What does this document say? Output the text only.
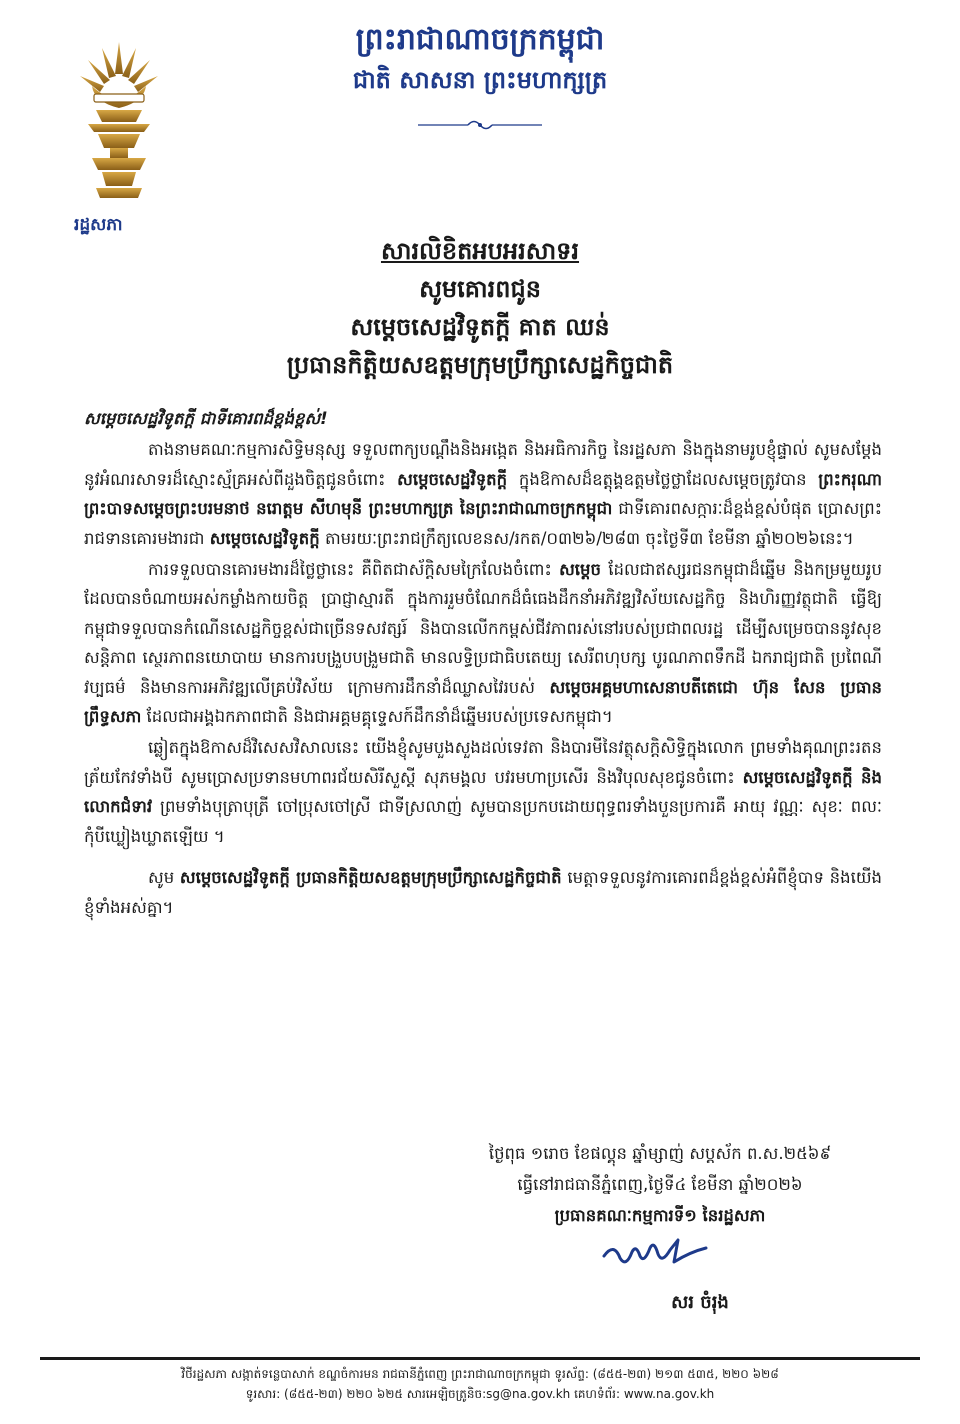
រដ្ឋសភា
ព្រះរាជាណាចក្រកម្ពុជា
ជាតិ សាសនា ព្រះមហាក្សត្រ
សារលិខិតអបអរសាទរ
សូមគោរពជូន
សម្តេចសេដ្ឋវិទូតក្តី គាត ឈន់
ប្រធានកិត្តិយសឧត្តមក្រុមប្រឹក្សាសេដ្ឋកិច្ចជាតិ
សម្តេចសេដ្ឋវិទូតក្តី ជាទីគោរពដ៏ខ្ពង់ខ្ពស់!

តាងនាមគណៈកម្មការសិទ្ធិមនុស្ស ទទួលពាក្យបណ្តឹងនិងអង្កេត និងអធិការកិច្ច នៃរដ្ឋសភា និងក្នុងនាមរូបខ្ញុំផ្ទាល់ សូមសម្តែងនូវអំណរសាទរដ៏ស្មោះស្ម័គ្រអស់ពីដួងចិត្តជូនចំពោះ សម្តេចសេដ្ឋវិទូតក្តី ក្នុងឱកាសដ៏ឧត្តុង្គឧត្តមថ្លៃថ្លាដែលសម្តេចត្រូវបាន ព្រះករុណាព្រះបាទសម្តេចព្រះបរមនាថ នរោត្តម សីហមុនី ព្រះមហាក្សត្រ នៃព្រះរាជាណាចក្រកម្ពុជា ជាទីគោរពសក្ការៈដ៏ខ្ពង់ខ្ពស់បំផុត ប្រោសព្រះរាជទានគោរមងារជា សម្តេចសេដ្ឋវិទូតក្តី តាមរយៈព្រះរាជក្រឹត្យលេខនស/រកត/០៣២៦/២៨៣ ចុះថ្ងៃទី៣ ខែមីនា ឆ្នាំ២០២៦នេះ។

ការទទួលបានគោរមងារដ៏ថ្លៃថ្លានេះ គឺពិតជាស័ក្តិសមក្រៃលែងចំពោះ សម្តេច ដែលជាឥស្សរជនកម្ពុជាដ៏ឆ្នើម និងកម្រមួយរូបដែលបានចំណាយអស់កម្លាំងកាយចិត្ត ប្រាជ្ញាស្មារតី ក្នុងការរួមចំណែកដ៏ធំធេងដឹកនាំអភិវឌ្ឍវិស័យសេដ្ឋកិច្ច និងហិរញ្ញវត្ថុជាតិ ធ្វើឱ្យកម្ពុជាទទួលបានកំណើនសេដ្ឋកិច្ចខ្ពស់ជាច្រើនទសវត្សរ៍ និងបានលើកកម្ពស់ជីវភាពរស់នៅរបស់ប្រជាពលរដ្ឋ ដើម្បីសម្រេចបាននូវសុខសន្តិភាព ស្ថេរភាពនយោបាយ មានការបង្រួបបង្រួមជាតិ មានលទ្ធិប្រជាធិបតេយ្យ សេរីពហុបក្ស បូរណភាពទឹកដី ឯករាជ្យជាតិ ប្រពៃណីវប្បធម៌ និងមានការអភិវឌ្ឍលើគ្រប់វិស័យ ក្រោមការដឹកនាំដ៏ឈ្លាសវៃរបស់ សម្តេចអគ្គមហាសេនាបតីតេជោ ហ៊ុន សែន ប្រធានព្រឹទ្ធសភា ដែលជាអង្គឯកភាពជាតិ និងជាអគ្គមគ្គុទ្ទេសក៍ដឹកនាំដ៏ឆ្នើមរបស់ប្រទេសកម្ពុជា។

ឆ្លៀតក្នុងឱកាសដ៏វិសេសវិសាលនេះ យើងខ្ញុំសូមបួងសួងដល់ទេវតា និងបារមីនៃវត្ថុសក្តិសិទ្ធិក្នុងលោក ព្រមទាំងគុណព្រះរតនត្រ័យកែវទាំងបី សូមប្រោសប្រទានមហាពរជ័យសិរីសួស្តី សុភមង្គល បវរមហាប្រសើរ និងវិបុលសុខជូនចំពោះ សម្តេចសេដ្ឋវិទូតក្តី និងលោកជំទាវ ព្រមទាំងបុត្រាបុត្រី ចៅប្រុសចៅស្រី ជាទីស្រលាញ់ សូមបានប្រកបដោយពុទ្ធពរទាំងបួនប្រការគឺ អាយុ វណ្ណៈ សុខៈ ពលៈ កុំបីឃ្លៀងឃ្លាតឡើយ ។

សូម សម្តេចសេដ្ឋវិទូតក្តី ប្រធានកិត្តិយសឧត្តមក្រុមប្រឹក្សាសេដ្ឋកិច្ចជាតិ មេត្តាទទួលនូវការគោរពដ៏ខ្ពង់ខ្ពស់អំពីខ្ញុំបាទ និងយើងខ្ញុំទាំងអស់គ្នា។

ថ្ងៃពុធ ១រោច ខែផល្គុន ឆ្នាំម្សាញ់ សប្តស័ក ព.ស.២៥៦៩
ធ្វើនៅរាជធានីភ្នំពេញ,ថ្ងៃទី៤ ខែមីនា ឆ្នាំ២០២៦
ប្រធានគណៈកម្មការទី១ នៃរដ្ឋសភា
សរ ចំរុង
វិថីរដ្ឋសភា សង្កាត់ទន្លេបាសាក់ ខណ្ឌចំការមន រាជធានីភ្នំពេញ ព្រះរាជាណាចក្រកម្ពុជា ទូរស័ព្ទ: (៨៥៥-២៣) ២១៣ ៥៣៥, ២២០ ៦២៨
ទូរសារ: (៨៥៥-២៣) ២២០ ៦២៥ សារអេឡិចត្រូនិច:sg@na.gov.kh គេហទំព័រ: www.na.gov.kh
